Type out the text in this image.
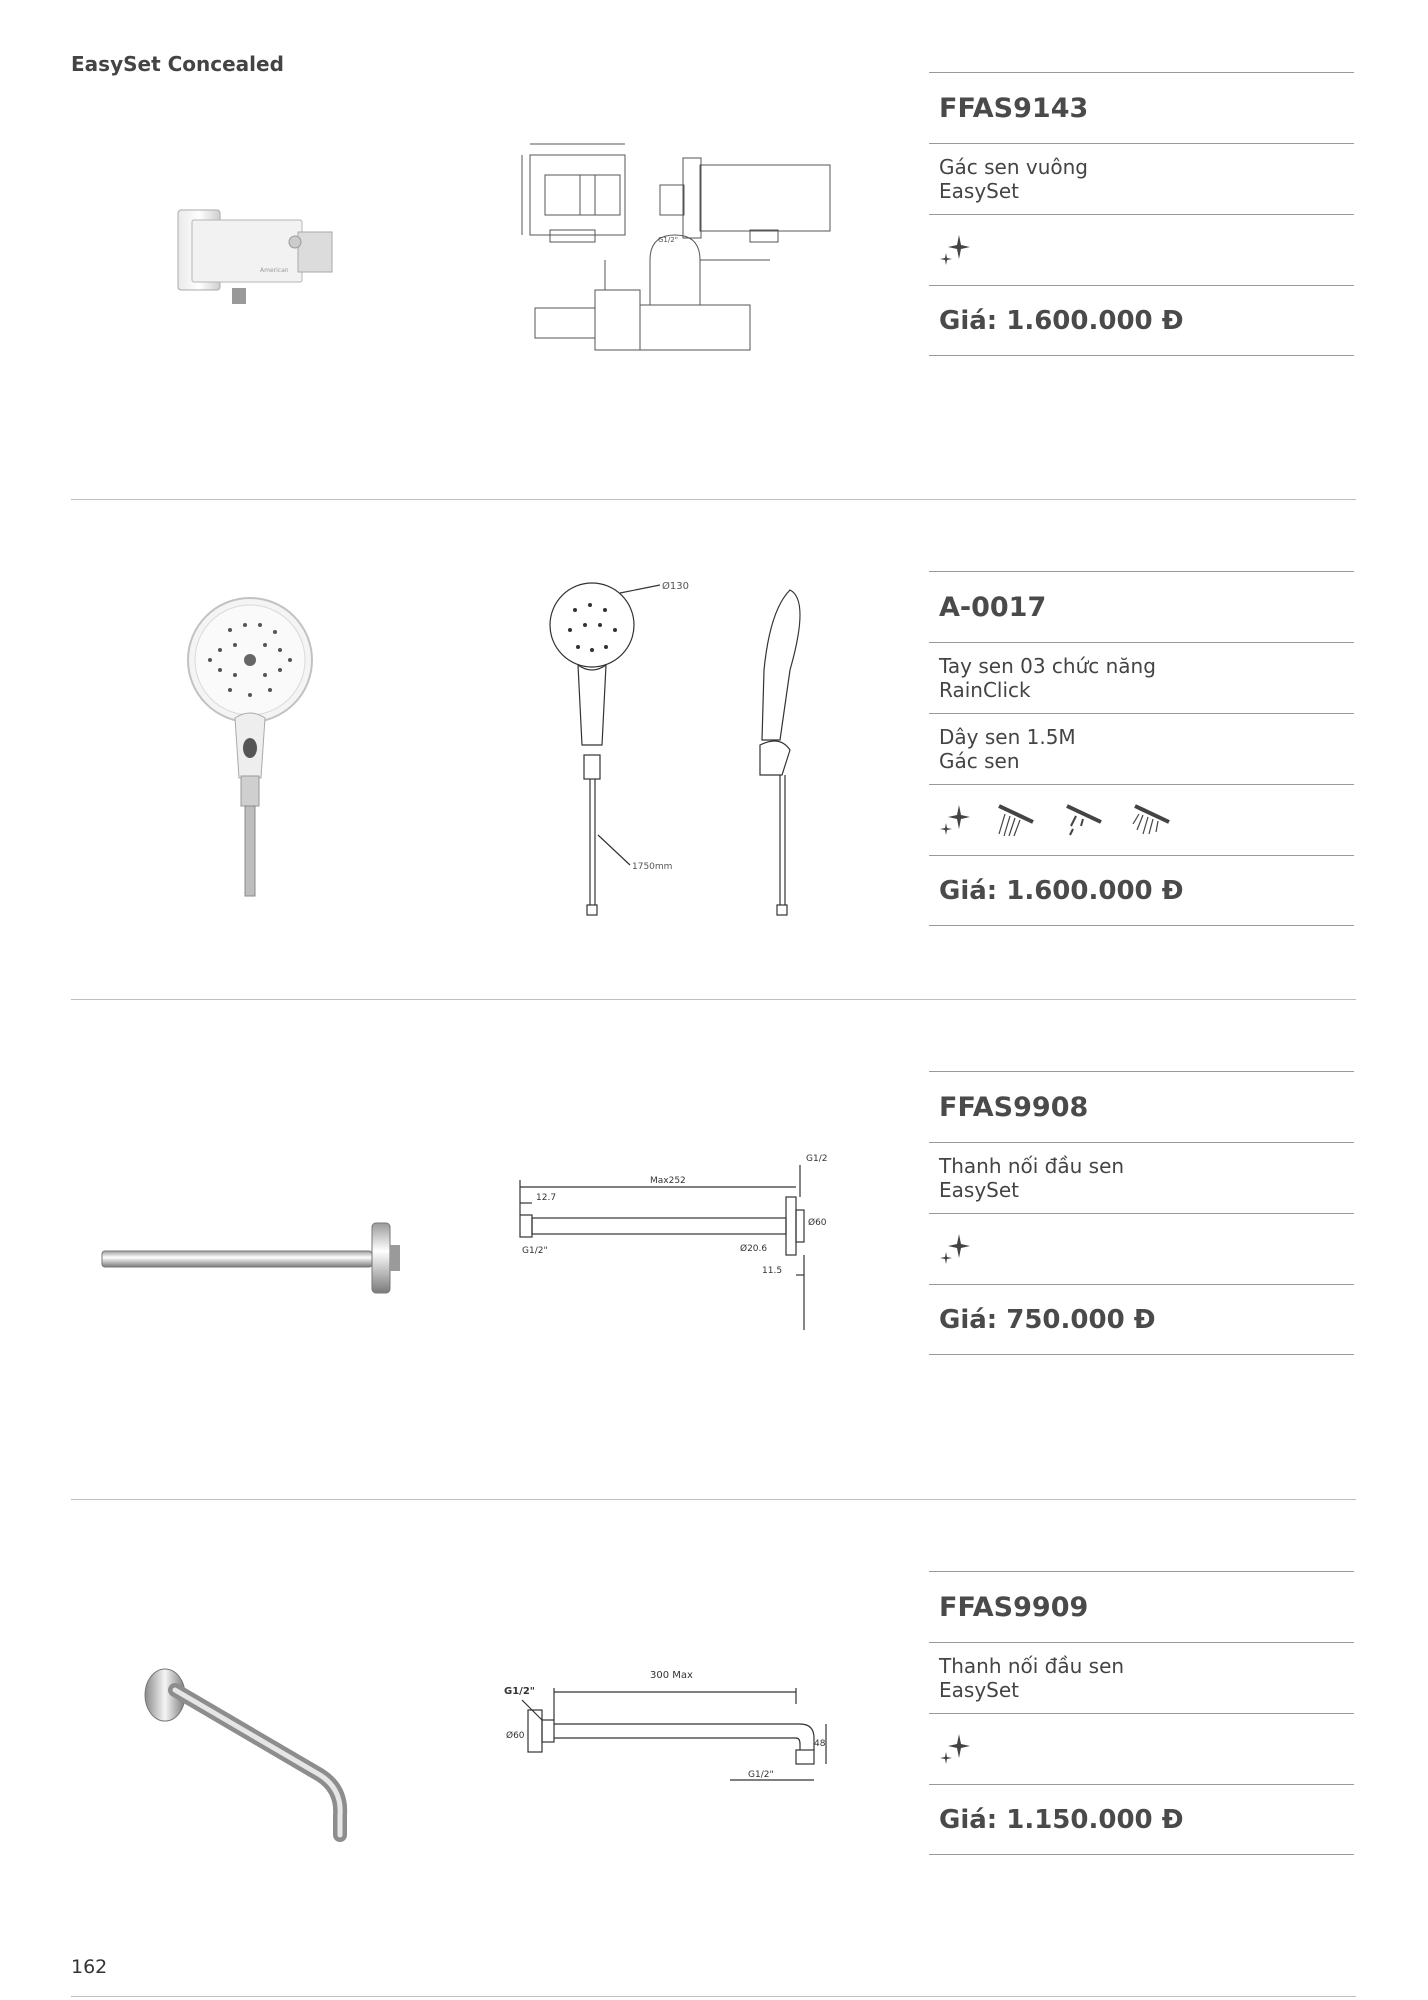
EasySet Concealed
American
G1/2"
FFAS9143
Gác sen vuông
EasySet
Giá: 1.600.000 Đ
Ø130
1750mm
A-0017
Tay sen 03 chức năng
RainClick
Dây sen 1.5M
Gác sen
Giá: 1.600.000 Đ
Max252
12.7
G1/2"	Ø20.6
Ø60
11.5
G1/2
FFAS9908
Thanh nối đầu sen
EasySet
Giá: 750.000 Đ
300 Max
G1/2"
Ø60
48
G1/2"
FFAS9909
Thanh nối đầu sen
EasySet
Giá: 1.150.000 Đ
162
